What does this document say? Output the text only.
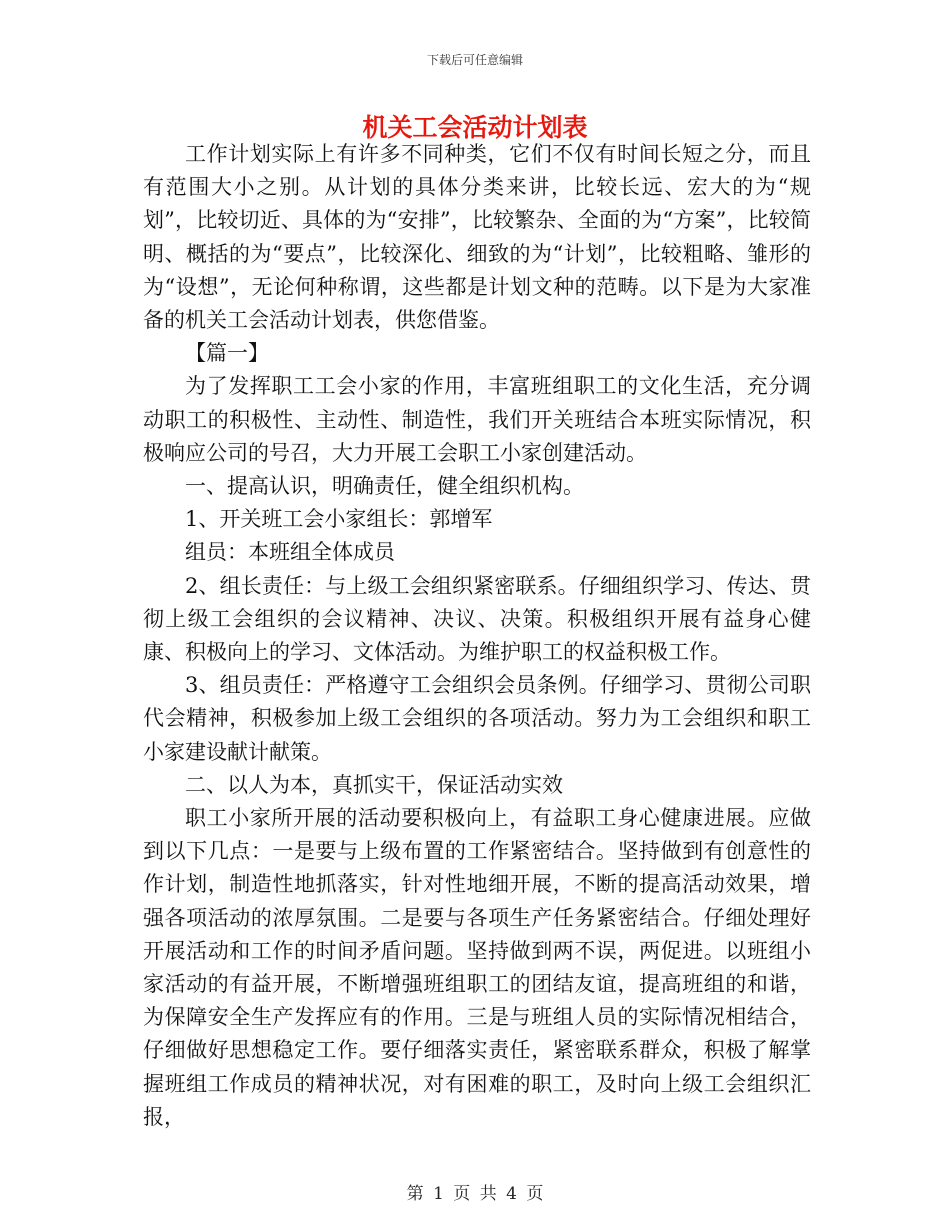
下载后可任意编辑
机关工会活动计划表

工作计划实际上有许多不同种类，它们不仅有时间长短之分，而且有范围大小之别。从计划的具体分类来讲，比较长远、宏大的为“规划”，比较切近、具体的为“安排”，比较繁杂、全面的为“方案”，比较简明、概括的为“要点”，比较深化、细致的为“计划”，比较粗略、雏形的为“设想”，无论何种称谓，这些都是计划文种的范畴。以下是为大家准备的机关工会活动计划表，供您借鉴。

【篇一】

为了发挥职工工会小家的作用，丰富班组职工的文化生活，充分调动职工的积极性、主动性、制造性，我们开关班结合本班实际情况，积极响应公司的号召，大力开展工会职工小家创建活动。

一、提高认识，明确责任，健全组织机构。

1、开关班工会小家组长：郭增军

组员：本班组全体成员

2、组长责任：与上级工会组织紧密联系。仔细组织学习、传达、贯彻上级工会组织的会议精神、决议、决策。积极组织开展有益身心健康、积极向上的学习、文体活动。为维护职工的权益积极工作。

3、组员责任：严格遵守工会组织会员条例。仔细学习、贯彻公司职代会精神，积极参加上级工会组织的各项活动。努力为工会组织和职工小家建设献计献策。

二、以人为本，真抓实干，保证活动实效

职工小家所开展的活动要积极向上，有益职工身心健康进展。应做到以下几点：一是要与上级布置的工作紧密结合。坚持做到有创意性的作计划，制造性地抓落实，针对性地细开展，不断的提高活动效果，增强各项活动的浓厚氛围。二是要与各项生产任务紧密结合。仔细处理好开展活动和工作的时间矛盾问题。坚持做到两不误，两促进。以班组小家活动的有益开展，不断增强班组职工的团结友谊，提高班组的和谐，为保障安全生产发挥应有的作用。三是与班组人员的实际情况相结合，仔细做好思想稳定工作。要仔细落实责任，紧密联系群众，积极了解掌握班组工作成员的精神状况，对有困难的职工，及时向上级工会组织汇报，

第 1 页 共 4 页
